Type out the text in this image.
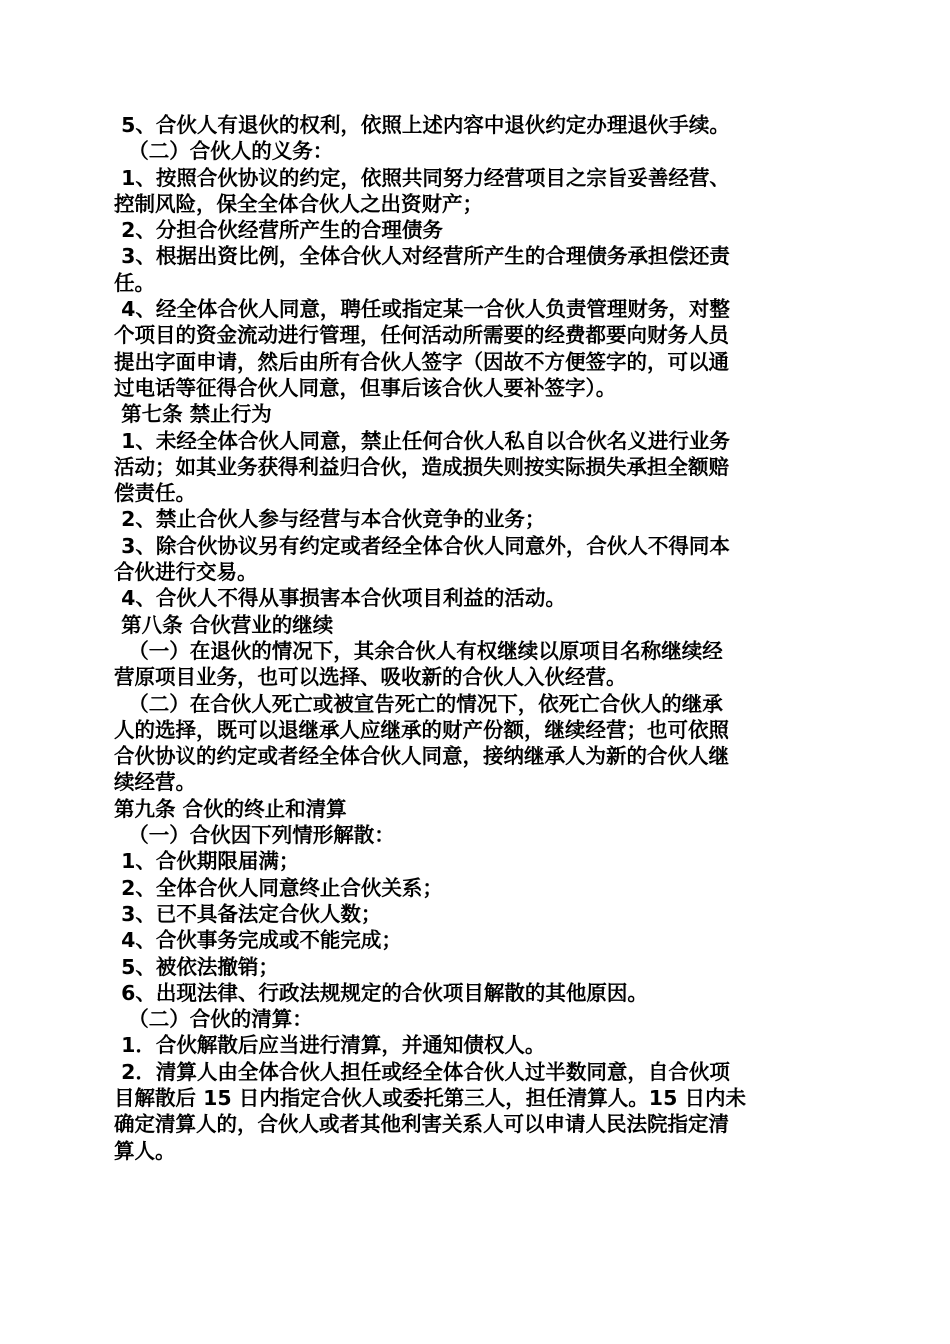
5、合伙人有退伙的权利，依照上述内容中退伙约定办理退伙手续。
（二）合伙人的义务：
1、按照合伙协议的约定，依照共同努力经营项目之宗旨妥善经营、
控制风险，保全全体合伙人之出资财产；
2、分担合伙经营所产生的合理债务
3、根据出资比例，全体合伙人对经营所产生的合理债务承担偿还责
任。
4、经全体合伙人同意，聘任或指定某一合伙人负责管理财务，对整
个项目的资金流动进行管理，任何活动所需要的经费都要向财务人员
提出字面申请，然后由所有合伙人签字（因故不方便签字的，可以通
过电话等征得合伙人同意，但事后该合伙人要补签字）。
第七条 禁止行为
1、未经全体合伙人同意，禁止任何合伙人私自以合伙名义进行业务
活动；如其业务获得利益归合伙，造成损失则按实际损失承担全额赔
偿责任。
2、禁止合伙人参与经营与本合伙竞争的业务；
3、除合伙协议另有约定或者经全体合伙人同意外，合伙人不得同本
合伙进行交易。
4、合伙人不得从事损害本合伙项目利益的活动。
第八条 合伙营业的继续
（一）在退伙的情况下，其余合伙人有权继续以原项目名称继续经
营原项目业务，也可以选择、吸收新的合伙人入伙经营。
（二）在合伙人死亡或被宣告死亡的情况下，依死亡合伙人的继承
人的选择，既可以退继承人应继承的财产份额，继续经营；也可依照
合伙协议的约定或者经全体合伙人同意，接纳继承人为新的合伙人继
续经营。
第九条 合伙的终止和清算
（一）合伙因下列情形解散：
1、合伙期限届满；
2、全体合伙人同意终止合伙关系；
3、已不具备法定合伙人数；
4、合伙事务完成或不能完成；
5、被依法撤销；
6、出现法律、行政法规规定的合伙项目解散的其他原因。
（二）合伙的清算：
1．合伙解散后应当进行清算，并通知债权人。
2．清算人由全体合伙人担任或经全体合伙人过半数同意，自合伙项
目解散后 15 日内指定合伙人或委托第三人，担任清算人。15 日内未
确定清算人的，合伙人或者其他利害关系人可以申请人民法院指定清
算人。
